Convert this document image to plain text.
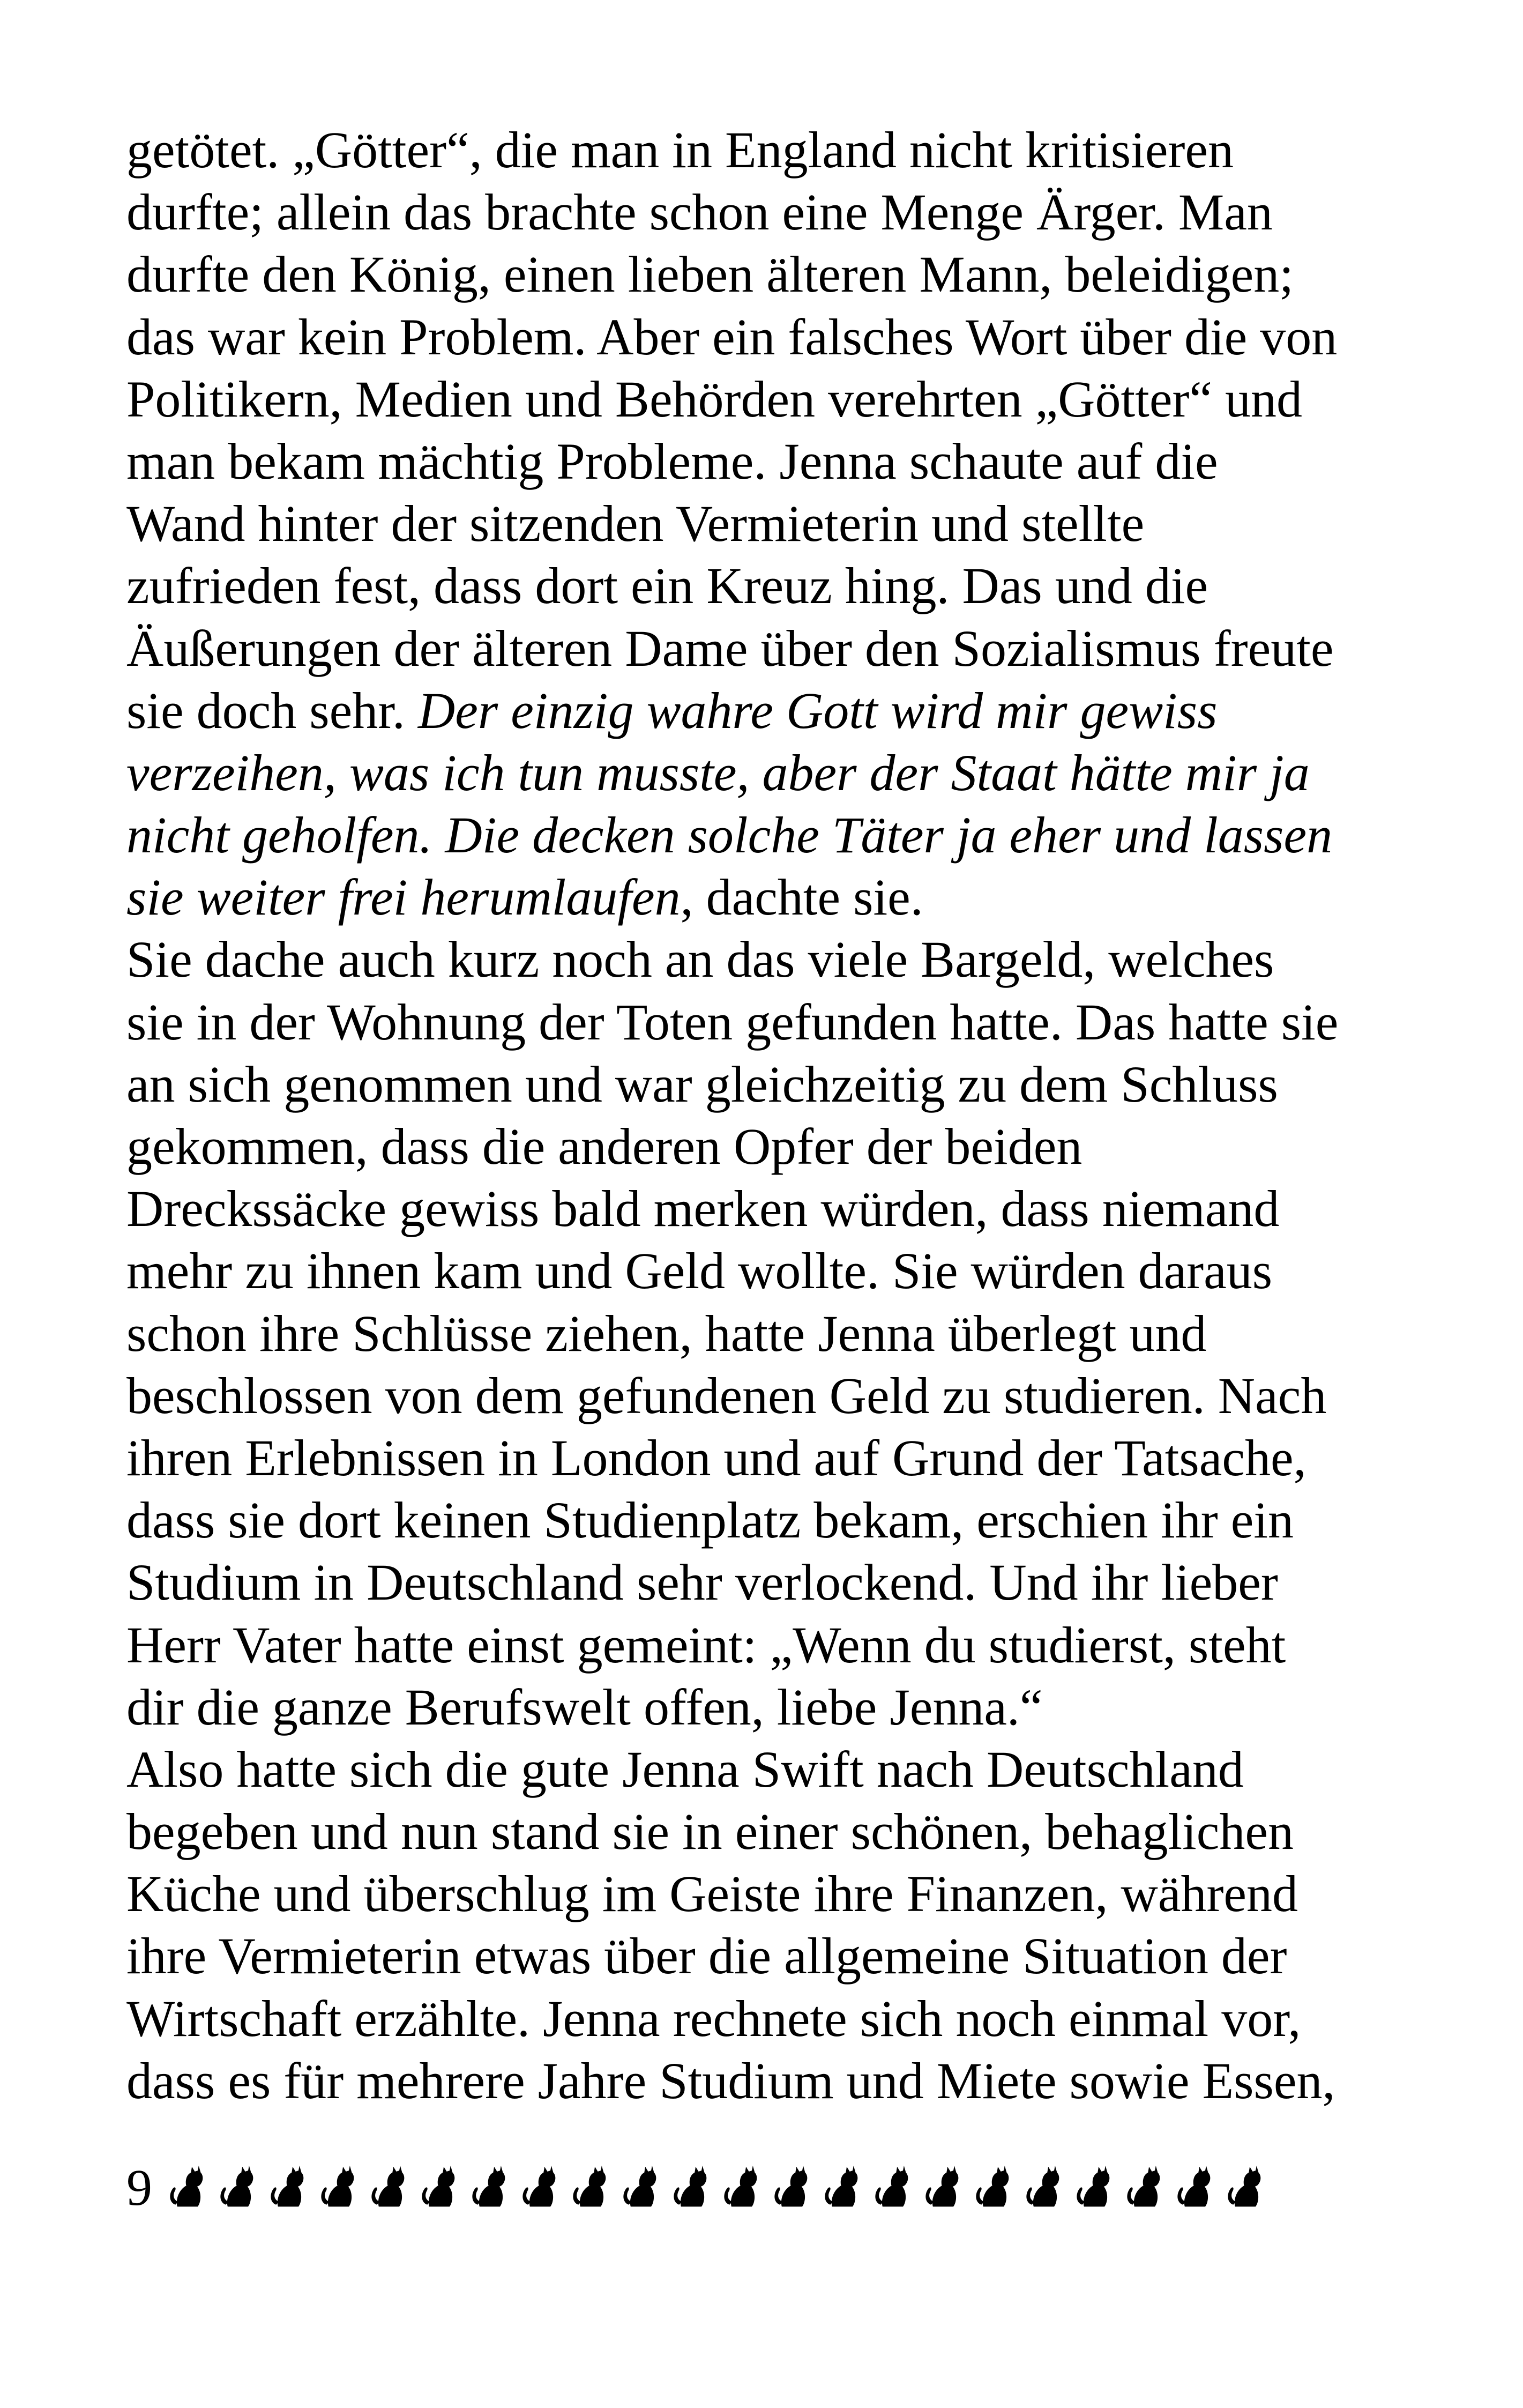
getötet. „Götter“, die man in England nicht kritisieren
durfte; allein das brachte schon eine Menge Ärger. Man
durfte den König, einen lieben älteren Mann, beleidigen;
das war kein Problem. Aber ein falsches Wort über die von
Politikern, Medien und Behörden verehrten „Götter“ und
man bekam mächtig Probleme. Jenna schaute auf die
Wand hinter der sitzenden Vermieterin und stellte
zufrieden fest, dass dort ein Kreuz hing. Das und die
Äußerungen der älteren Dame über den Sozialismus freute
sie doch sehr. Der einzig wahre Gott wird mir gewiss
verzeihen, was ich tun musste, aber der Staat hätte mir ja
nicht geholfen. Die decken solche Täter ja eher und lassen
sie weiter frei herumlaufen, dachte sie.
Sie dache auch kurz noch an das viele Bargeld, welches
sie in der Wohnung der Toten gefunden hatte. Das hatte sie
an sich genommen und war gleichzeitig zu dem Schluss
gekommen, dass die anderen Opfer der beiden
Dreckssäcke gewiss bald merken würden, dass niemand
mehr zu ihnen kam und Geld wollte. Sie würden daraus
schon ihre Schlüsse ziehen, hatte Jenna überlegt und
beschlossen von dem gefundenen Geld zu studieren. Nach
ihren Erlebnissen in London und auf Grund der Tatsache,
dass sie dort keinen Studienplatz bekam, erschien ihr ein
Studium in Deutschland sehr verlockend. Und ihr lieber
Herr Vater hatte einst gemeint: „Wenn du studierst, steht
dir die ganze Berufswelt offen, liebe Jenna.“
Also hatte sich die gute Jenna Swift nach Deutschland
begeben und nun stand sie in einer schönen, behaglichen
Küche und überschlug im Geiste ihre Finanzen, während
ihre Vermieterin etwas über die allgemeine Situation der
Wirtschaft erzählte. Jenna rechnete sich noch einmal vor,
dass es für mehrere Jahre Studium und Miete sowie Essen,
9
